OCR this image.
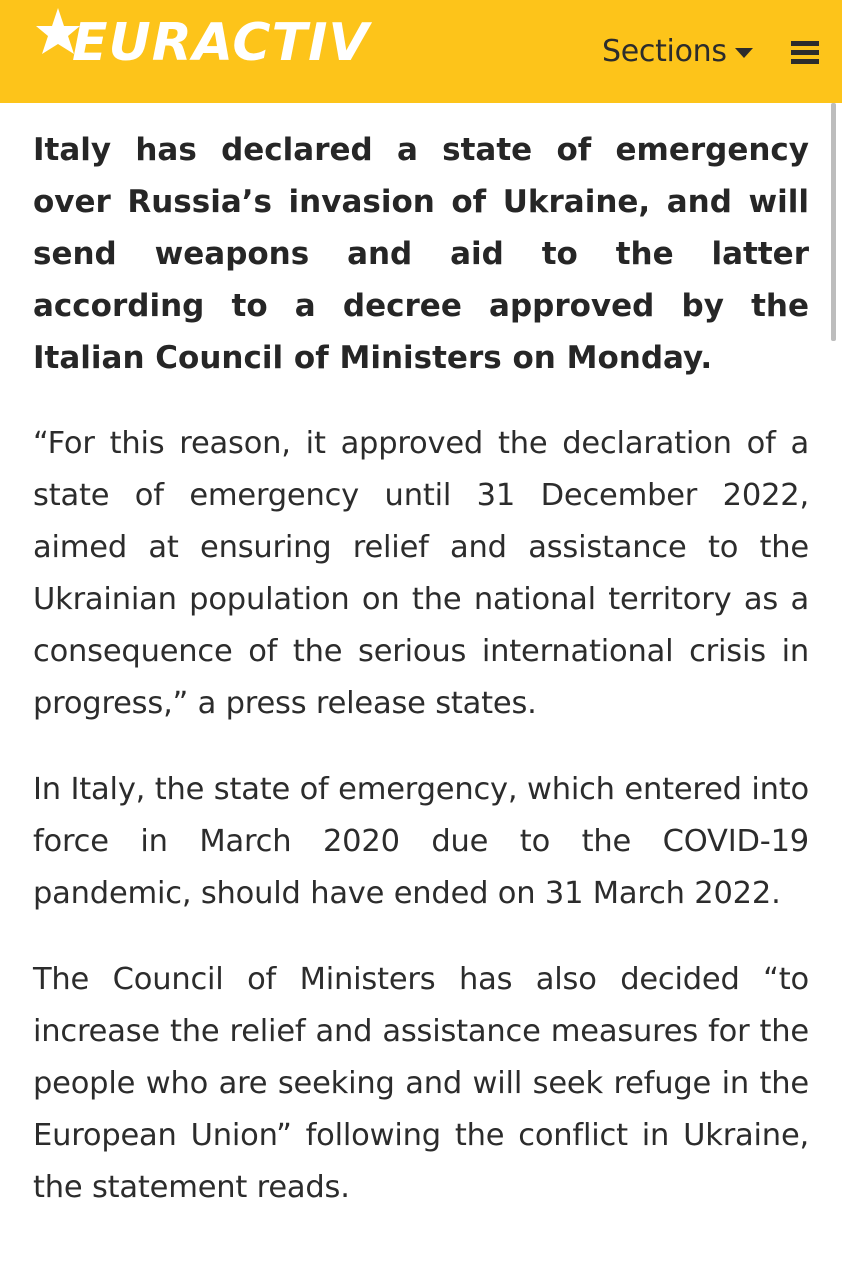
EURACTIV	Sections

Italy has declared a state of emergency over Russia’s invasion of Ukraine, and will send weapons and aid to the latter according to a decree approved by the Italian Council of Ministers on Monday.

“For this reason, it approved the declaration of a state of emergency until 31 December 2022, aimed at ensuring relief and assistance to the Ukrainian population on the national territory as a consequence of the serious international crisis in progress,” a press release states.

In Italy, the state of emergency, which entered into force in March 2020 due to the COVID-19 pandemic, should have ended on 31 March 2022.

The Council of Ministers has also decided “to increase the relief and assistance measures for the people who are seeking and will seek refuge in the European Union” following the conflict in Ukraine, the statement reads.
